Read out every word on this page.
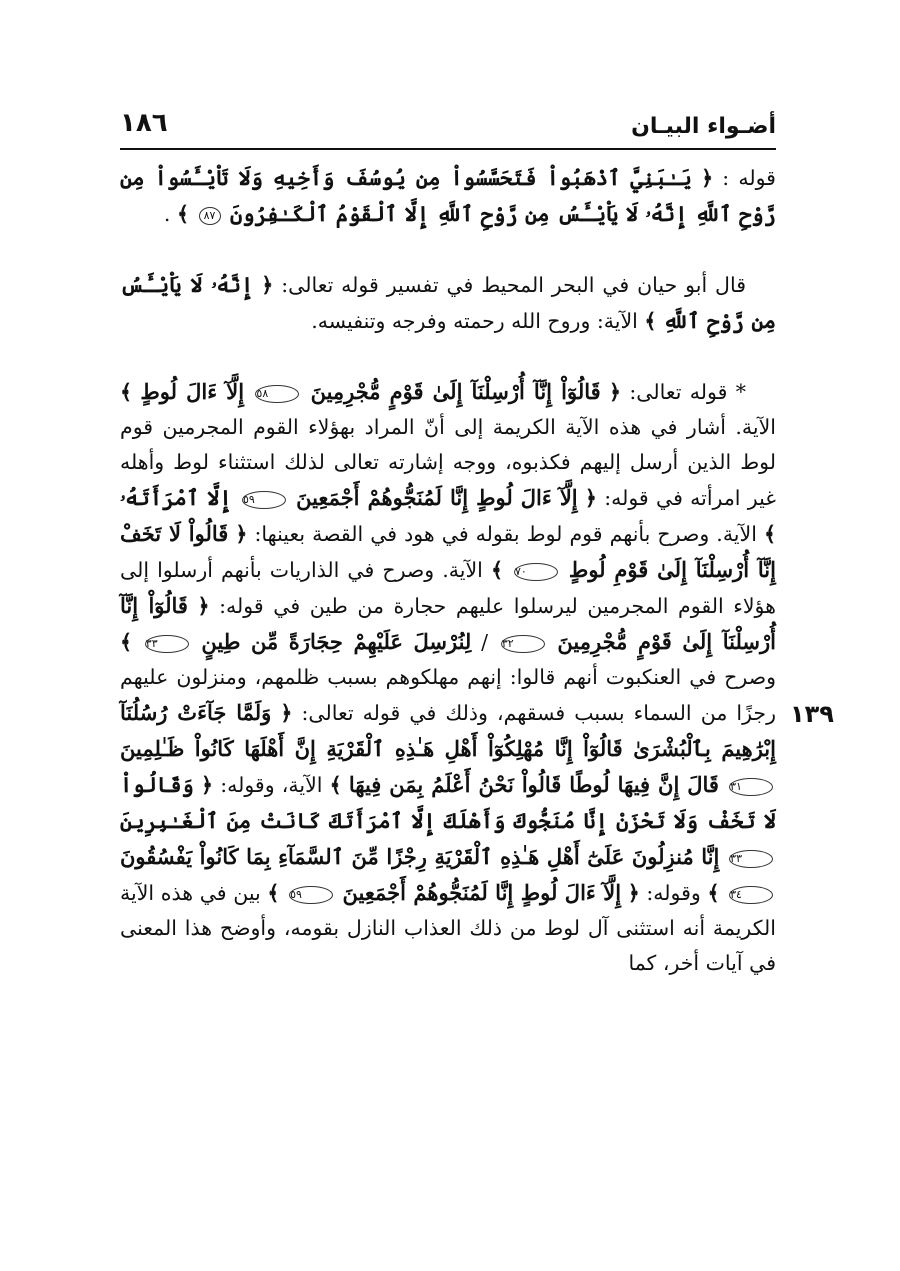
١٨٦	أضـواء البيـان
١٣٩

قوله : ﴿ يَـٰبَنِيَّ ٱذْهَبُواْ فَتَحَسَّسُواْ مِن يُوسُفَ وَأَخِيهِ وَلَا تَاْيْـَٔسُواْ مِن رَّوْحِ ٱللَّهِ إِنَّهُۥ لَا يَاْيْـَٔسُ مِن رَّوْحِ ٱللَّهِ إِلَّا ٱلْقَوْمُ ٱلْكَـٰفِرُونَ ٨٧ ﴾ .

قال أبو حيان في البحر المحيط في تفسير قوله تعالى: ﴿ إِنَّهُۥ لَا يَاْيْـَٔسُ مِن رَّوْحِ ٱللَّهِ ﴾ الآية: وروح الله رحمته وفرجه وتنفيسه.

* قوله تعالى: ﴿ قَالُوٓاْ إِنَّآ أُرْسِلْنَآ إِلَىٰ قَوْمٍ مُّجْرِمِينَ ٥٨ إِلَّآ ءَالَ لُوطٍ ﴾ الآية. أشار في هذه الآية الكريمة إلى أنّ المراد بهؤلاء القوم المجرمين قوم لوط الذين أرسل إليهم فكذبوه، ووجه إشارته تعالى لذلك استثناء لوط وأهله غير امرأته في قوله: ﴿ إِلَّآ ءَالَ لُوطٍ إِنَّا لَمُنَجُّوهُمْ أَجْمَعِينَ ٥٩ إِلَّا ٱمْرَأَتَهُۥ ﴾ الآية. وصرح بأنهم قوم لوط بقوله في هود في القصة بعينها: ﴿ قَالُواْ لَا تَخَفْ إِنَّآ أُرْسِلْنَآ إِلَىٰ قَوْمِ لُوطٍ ٧٠ ﴾ الآية. وصرح في الذاريات بأنهم أرسلوا إلى هؤلاء القوم المجرمين ليرسلوا عليهم حجارة من طين في قوله: ﴿ قَالُوٓاْ إِنَّآ أُرْسِلْنَآ إِلَىٰ قَوْمٍ مُّجْرِمِينَ ٣٢ / لِنُرْسِلَ عَلَيْهِمْ حِجَارَةً مِّن طِينٍ ٣٣ ﴾ وصرح في العنكبوت أنهم قالوا: إنهم مهلكوهم بسبب ظلمهم، ومنزلون عليهم رجزًا من السماء بسبب فسقهم، وذلك في قوله تعالى: ﴿ وَلَمَّا جَآءَتْ رُسُلُنَآ إِبْرَٰهِيمَ بِٱلْبُشْرَىٰ قَالُوٓاْ إِنَّا مُهْلِكُوٓاْ أَهْلِ هَـٰذِهِ ٱلْقَرْيَةِ إِنَّ أَهْلَهَا كَانُواْ ظَـٰلِمِينَ ٣١ قَالَ إِنَّ فِيهَا لُوطًا قَالُواْ نَحْنُ أَعْلَمُ بِمَن فِيهَا ﴾ الآية، وقوله: ﴿ وَقَالُواْ لَا تَخَفْ وَلَا تَحْزَنْ إِنَّا مُنَجُّوكَ وَأَهْلَكَ إِلَّا ٱمْرَأَتَكَ كَانَتْ مِنَ ٱلْغَـٰبِرِينَ ٣٣ إِنَّا مُنزِلُونَ عَلَىٰٓ أَهْلِ هَـٰذِهِ ٱلْقَرْيَةِ رِجْزًا مِّنَ ٱلسَّمَآءِ بِمَا كَانُواْ يَفْسُقُونَ ٣٤ ﴾ وقوله: ﴿ إِلَّآ ءَالَ لُوطٍ إِنَّا لَمُنَجُّوهُمْ أَجْمَعِينَ ٥٩ ﴾ بين في هذه الآية الكريمة أنه استثنى آل لوط من ذلك العذاب النازل بقومه، وأوضح هذا المعنى في آيات أخر، كما
